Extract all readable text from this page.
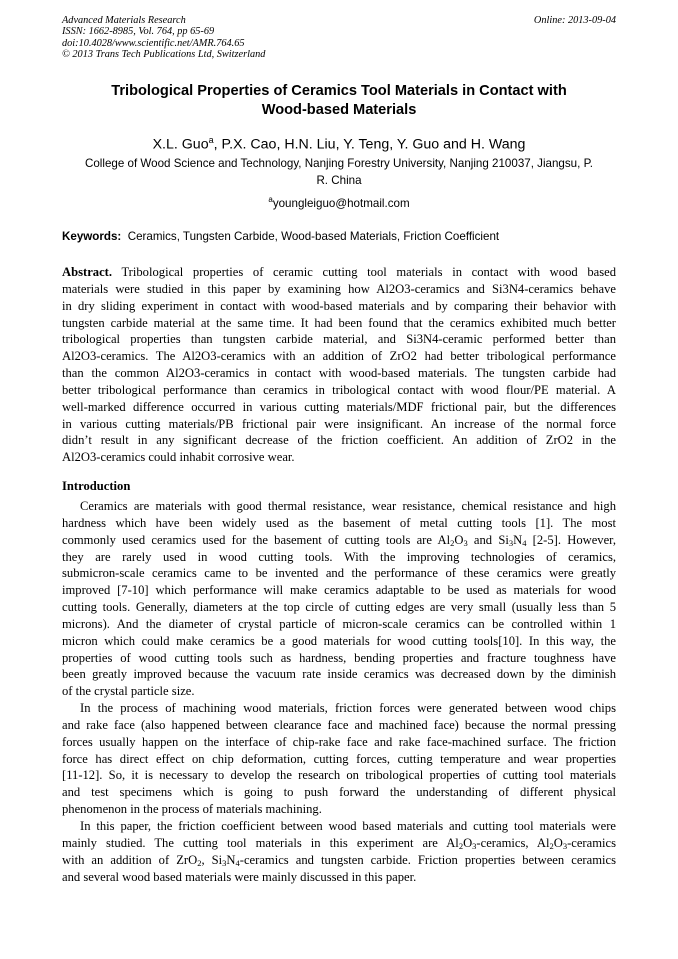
Advanced Materials Research
ISSN: 1662-8985, Vol. 764, pp 65-69
doi:10.4028/www.scientific.net/AMR.764.65
© 2013 Trans Tech Publications Ltd, Switzerland
Online: 2013-09-04
Tribological Properties of Ceramics Tool Materials in Contact with
Wood-based Materials
X.L. Guo$^a$, P.X. Cao, H.N. Liu, Y. Teng, Y. Guo and H. Wang
College of Wood Science and Technology, Nanjing Forestry University, Nanjing 210037, Jiangsu, P.
R. China
$^a$youngleiguo@hotmail.com
Keywords: Ceramics, Tungsten Carbide, Wood-based Materials, Friction Coefficient
Abstract. Tribological properties of ceramic cutting tool materials in contact with wood based
materials were studied in this paper by examining how Al2O3-ceramics and Si3N4-ceramics behave
in dry sliding experiment in contact with wood-based materials and by comparing their behavior with
tungsten carbide material at the same time. It had been found that the ceramics exhibited much better
tribological properties than tungsten carbide material, and Si3N4-ceramic performed better than
Al2O3-ceramics. The Al2O3-ceramics with an addition of ZrO2 had better tribological performance
than the common Al2O3-ceramics in contact with wood-based materials. The tungsten carbide had
better tribological performance than ceramics in tribological contact with wood flour/PE material. A
well-marked difference occurred in various cutting materials/MDF frictional pair, but the differences
in various cutting materials/PB frictional pair were insignificant. An increase of the normal force
didn’t result in any significant decrease of the friction coefficient. An addition of ZrO2 in the
Al2O3-ceramics could inhabit corrosive wear.
Introduction
Ceramics are materials with good thermal resistance, wear resistance, chemical resistance and high
hardness which have been widely used as the basement of metal cutting tools [1]. The most
commonly used ceramics used for the basement of cutting tools are $Al_2O_3$ and $Si_3N_4$ [2-5]. However,
they are rarely used in wood cutting tools. With the improving technologies of ceramics,
submicron-scale ceramics came to be invented and the performance of these ceramics were greatly
improved [7-10] which performance will make ceramics adaptable to be used as materials for wood
cutting tools. Generally, diameters at the top circle of cutting edges are very small (usually less than 5
microns). And the diameter of crystal particle of micron-scale ceramics can be controlled within 1
micron which could make ceramics be a good materials for wood cutting tools[10]. In this way, the
properties of wood cutting tools such as hardness, bending properties and fracture toughness have
been greatly improved because the vacuum rate inside ceramics was decreased down by the diminish
of the crystal particle size.
In the process of machining wood materials, friction forces were generated between wood chips
and rake face (also happened between clearance face and machined face) because the normal pressing
forces usually happen on the interface of chip-rake face and rake face-machined surface. The friction
force has direct effect on chip deformation, cutting forces, cutting temperature and wear properties
[11-12]. So, it is necessary to develop the research on tribological properties of cutting tool materials
and test specimens which is going to push forward the understanding of different physical
phenomenon in the process of materials machining.
In this paper, the friction coefficient between wood based materials and cutting tool materials were
mainly studied. The cutting tool materials in this experiment are $Al_2O_3$-ceramics, $Al_2O_3$-ceramics
with an addition of ZrO$_2$, $Si_3N_4$-ceramics and tungsten carbide. Friction properties between ceramics
and several wood based materials were mainly discussed in this paper.
